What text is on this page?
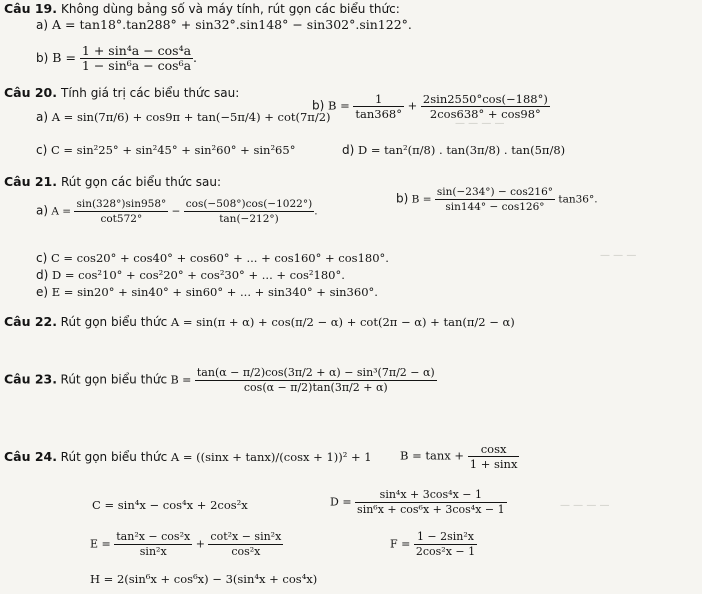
— — — —
— — —
— — — —
Câu 19. Không dùng bảng số và máy tính, rút gọn các biểu thức:
a) A = tan18°.tan288° + sin32°.sin148° − sin302°.sin122°.
b) $B = \frac{\text{1 + sin⁴a − cos⁴a}}{\text{1 − sin⁶a − cos⁶a}}$ .
Câu 20. Tính giá trị các biểu thức sau:
a) A = sin(7π/6) + cos9π + tan(−5π/4) + cot(7π/2)
b) $B = \frac{1}{\tan 368^\circ} + \frac{2\sin 2550^\circ\cos(-188^\circ)}{2\cos 638^\circ + \cos 98^\circ}$
c) C = sin²25° + sin²45° + sin²60° + sin²65°	d) D = tan²(π/8) . tan(3π/8) . tan(5π/8)
Câu 21. Rút gọn các biểu thức sau:
a) $A = \frac{\sin(328^\circ)\sin 958^\circ}{\cot 572^\circ} - \frac{\cos(-508^\circ)\cos(-1022^\circ)}{\tan(-212^\circ)}$ .
b) $B = \frac{\sin(-234^\circ) - \cos 216^\circ}{\sin 144^\circ - \cos 126^\circ} \tan 36^\circ$.
c) C = cos20° + cos40° + cos60° + ... + cos160° + cos180°.
d) D = cos²10° + cos²20° + cos²30° + ... + cos²180°.
e) E = sin20° + sin40° + sin60° + ... + sin340° + sin360°.
Câu 22. Rút gọn biểu thức A = sin(π + α) + cos(π/2 − α) + cot(2π − α) + tan(π/2 − α)
Câu 23. Rút gọn biểu thức $B = \frac{\text{tan(α − π/2)cos(3π/2 + α) − sin³(7π/2 − α)}}{\cos(\alpha - \pi/2)\tan(3\pi/2 + \alpha)}$
Câu 24. Rút gọn biểu thức A = ((sinx + tanx)/(cosx + 1))² + 1 $B = \tan x + \frac{\cos x}{1 + \sin x}$
C = sin⁴x − cos⁴x + 2cos²x	$D = \frac{\text{sin⁴x + 3cos⁴x − 1}}{\text{sin⁶x + cos⁶x + 3cos⁴x − 1}}$
$E = \frac{\text{tan²x − cos²x}}{\text{sin²x}} + \frac{\text{cot²x − sin²x}}{\text{cos²x}}$	$F = \frac{\text{1 − 2sin²x}}{\text{2cos²x − 1}}$
H = 2(sin⁶x + cos⁶x) − 3(sin⁴x + cos⁴x)
